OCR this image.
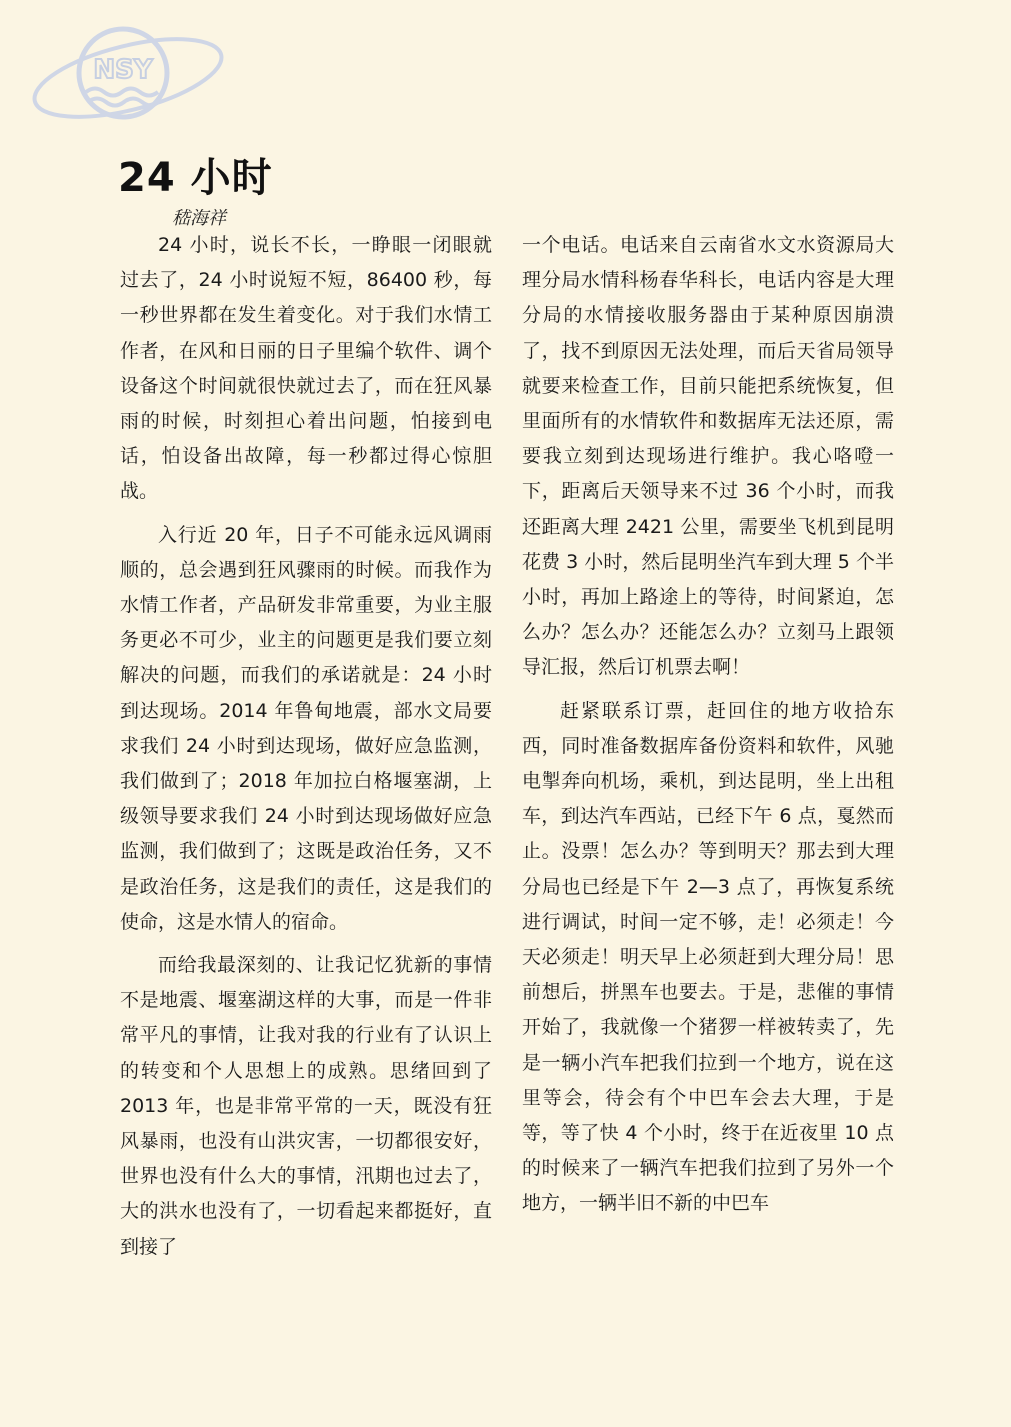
NSY
24 小时
嵇海祥

24 小时，说长不长，一睁眼一闭眼就过去了，24 小时说短不短，86400 秒，每一秒世界都在发生着变化。对于我们水情工作者，在风和日丽的日子里编个软件、调个设备这个时间就很快就过去了，而在狂风暴雨的时候，时刻担心着出问题，怕接到电话，怕设备出故障，每一秒都过得心惊胆战。

入行近 20 年，日子不可能永远风调雨顺的，总会遇到狂风骤雨的时候。而我作为水情工作者，产品研发非常重要，为业主服务更必不可少，业主的问题更是我们要立刻解决的问题，而我们的承诺就是：24 小时到达现场。2014 年鲁甸地震，部水文局要求我们 24 小时到达现场，做好应急监测，我们做到了；2018 年加拉白格堰塞湖，上级领导要求我们 24 小时到达现场做好应急监测，我们做到了；这既是政治任务，又不是政治任务，这是我们的责任，这是我们的使命，这是水情人的宿命。

而给我最深刻的、让我记忆犹新的事情不是地震、堰塞湖这样的大事，而是一件非常平凡的事情，让我对我的行业有了认识上的转变和个人思想上的成熟。思绪回到了 2013 年，也是非常平常的一天，既没有狂风暴雨，也没有山洪灾害，一切都很安好，世界也没有什么大的事情，汛期也过去了，大的洪水也没有了，一切看起来都挺好，直到接了

一个电话。电话来自云南省水文水资源局大理分局水情科杨春华科长，电话内容是大理分局的水情接收服务器由于某种原因崩溃了，找不到原因无法处理，而后天省局领导就要来检查工作，目前只能把系统恢复，但里面所有的水情软件和数据库无法还原，需要我立刻到达现场进行维护。我心咯噔一下，距离后天领导来不过 36 个小时，而我还距离大理 2421 公里，需要坐飞机到昆明花费 3 小时，然后昆明坐汽车到大理 5 个半小时，再加上路途上的等待，时间紧迫，怎么办？怎么办？还能怎么办？立刻马上跟领导汇报，然后订机票去啊！

赶紧联系订票，赶回住的地方收拾东西，同时准备数据库备份资料和软件，风驰电掣奔向机场，乘机，到达昆明，坐上出租车，到达汽车西站，已经下午 6 点，戛然而止。没票！怎么办？等到明天？那去到大理分局也已经是下午 2—3 点了，再恢复系统进行调试，时间一定不够，走！必须走！今天必须走！明天早上必须赶到大理分局！思前想后，拼黑车也要去。于是，悲催的事情开始了，我就像一个猪猡一样被转卖了，先是一辆小汽车把我们拉到一个地方，说在这里等会，待会有个中巴车会去大理，于是等，等了快 4 个小时，终于在近夜里 10 点的时候来了一辆汽车把我们拉到了另外一个地方，一辆半旧不新的中巴车
